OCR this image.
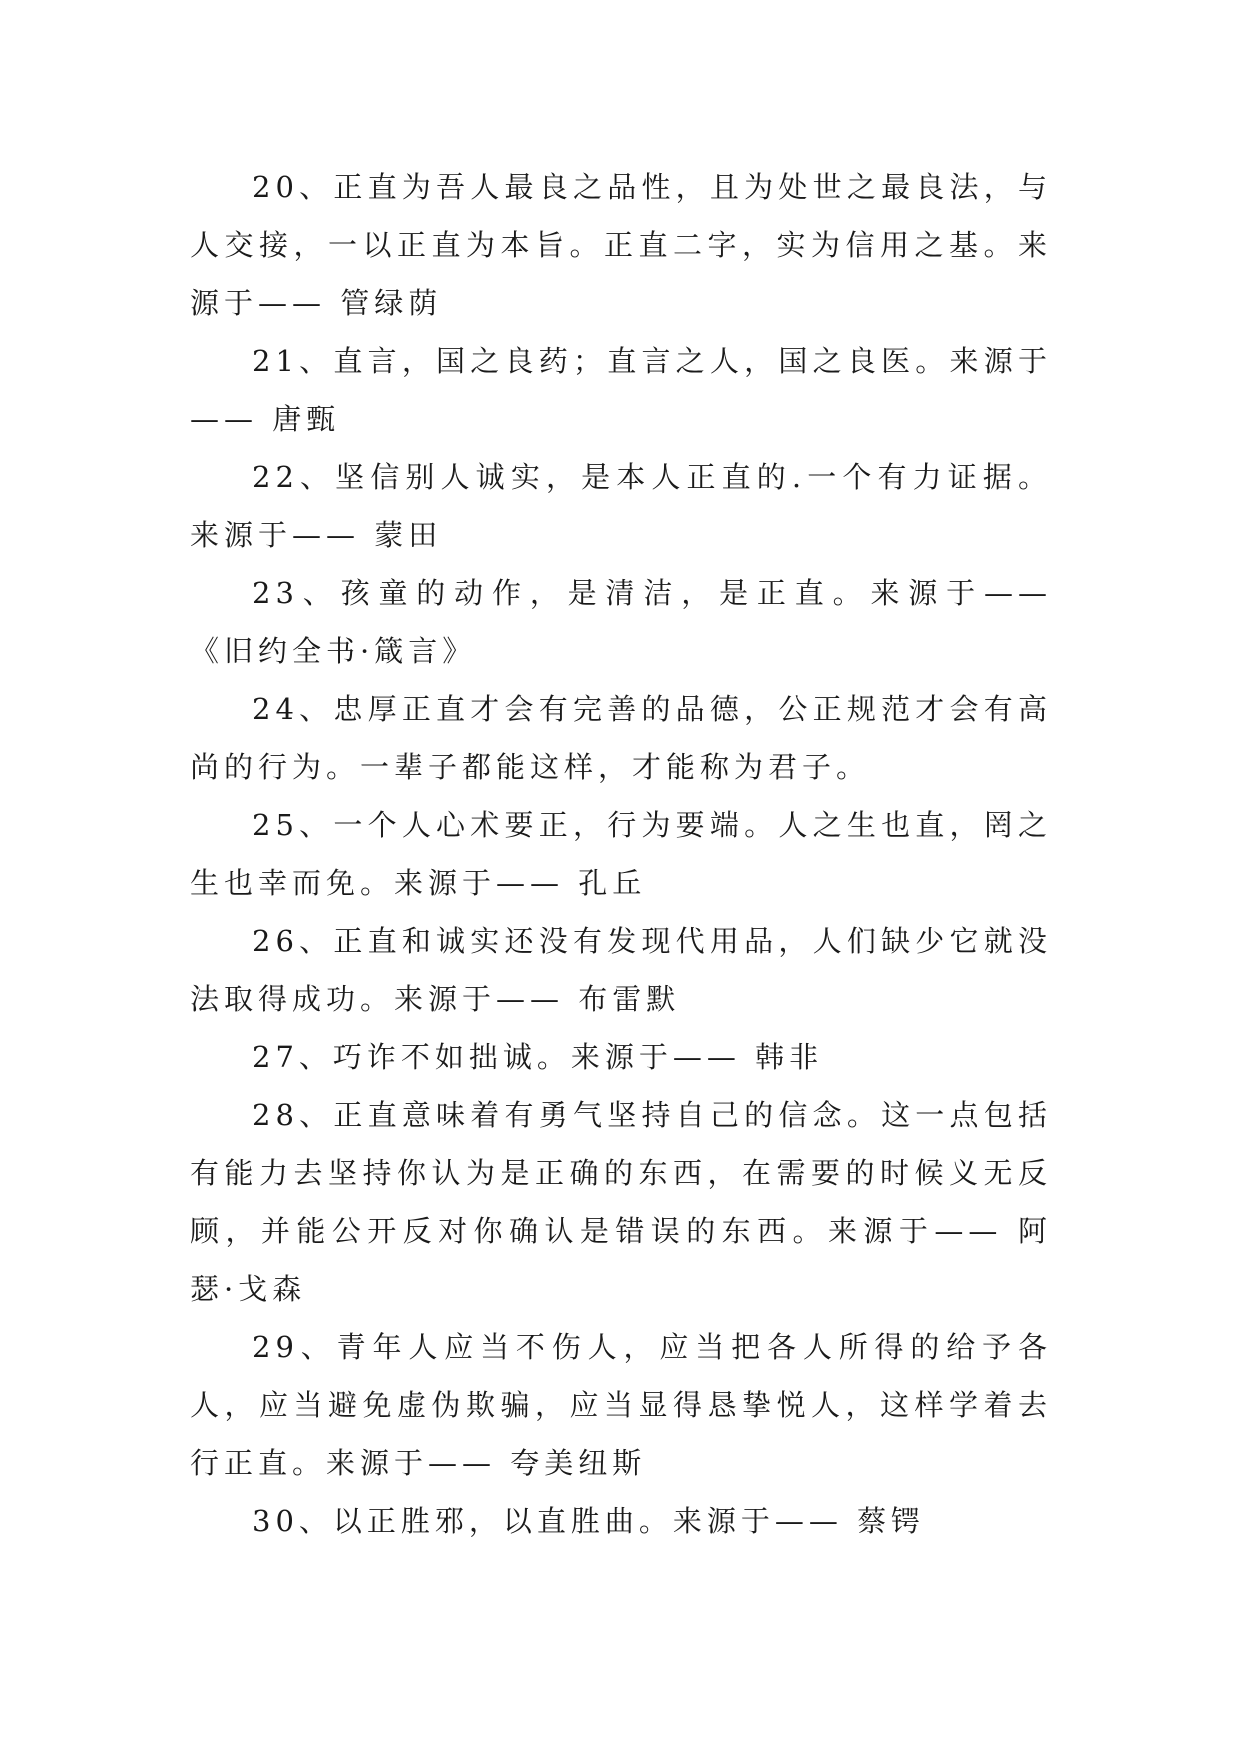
20、正直为吾人最良之品性，且为处世之最良法，与人交接，一以正直为本旨。正直二字，实为信用之基。来源于—— 管绿荫

21、直言，国之良药；直言之人，国之良医。来源于—— 唐甄

22、坚信别人诚实，是本人正直的.一个有力证据。来源于—— 蒙田

23、孩童的动作，是清洁，是正直。来源于—— 《旧约全书·箴言》

24、忠厚正直才会有完善的品德，公正规范才会有高尚的行为。一辈子都能这样，才能称为君子。

25、一个人心术要正，行为要端。人之生也直，罔之生也幸而免。来源于—— 孔丘

26、正直和诚实还没有发现代用品，人们缺少它就没法取得成功。来源于—— 布雷默

27、巧诈不如拙诚。来源于—— 韩非

28、正直意味着有勇气坚持自己的信念。这一点包括有能力去坚持你认为是正确的东西，在需要的时候义无反顾，并能公开反对你确认是错误的东西。来源于—— 阿瑟·戈森

29、青年人应当不伤人，应当把各人所得的给予各人，应当避免虚伪欺骗，应当显得恳挚悦人，这样学着去行正直。来源于—— 夸美纽斯

30、以正胜邪，以直胜曲。来源于—— 蔡锷
